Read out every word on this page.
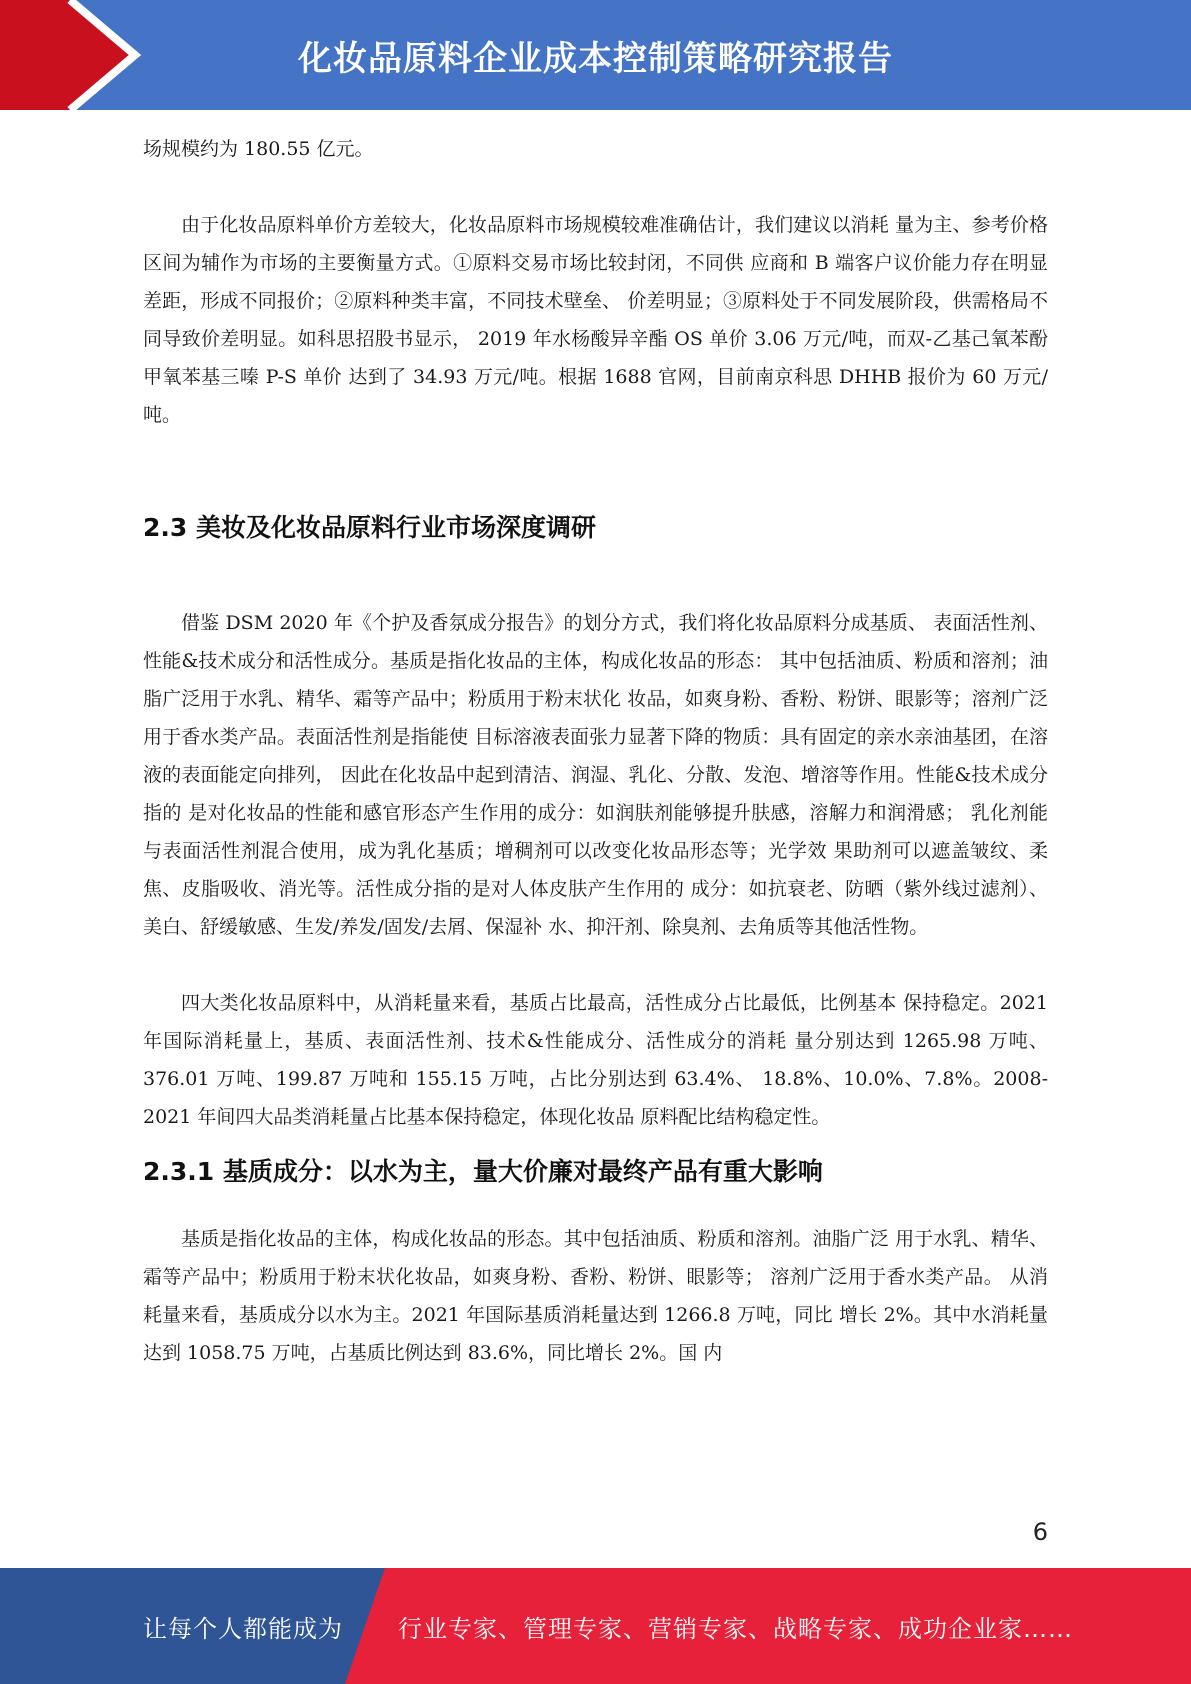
化妆品原料企业成本控制策略研究报告

场规模约为 180.55 亿元。

由于化妆品原料单价方差较大，化妆品原料市场规模较难准确估计，我们建议以消耗 量为主、参考价格区间为辅作为市场的主要衡量方式。①原料交易市场比较封闭，不同供 应商和 B 端客户议价能力存在明显差距，形成不同报价；②原料种类丰富，不同技术壁垒、 价差明显；③原料处于不同发展阶段，供需格局不同导致价差明显。如科思招股书显示， 2019 年水杨酸异辛酯 OS 单价 3.06 万元/吨，而双-乙基己氧苯酚甲氧苯基三嗪 P-S 单价 达到了 34.93 万元/吨。根据 1688 官网，目前南京科思 DHHB 报价为 60 万元/吨。

2.3 美妆及化妆品原料行业市场深度调研

借鉴 DSM 2020 年《个护及香氛成分报告》的划分方式，我们将化妆品原料分成基质、 表面活性剂、性能&技术成分和活性成分。基质是指化妆品的主体，构成化妆品的形态： 其中包括油质、粉质和溶剂；油脂广泛用于水乳、精华、霜等产品中；粉质用于粉末状化 妆品，如爽身粉、香粉、粉饼、眼影等；溶剂广泛用于香水类产品。表面活性剂是指能使 目标溶液表面张力显著下降的物质：具有固定的亲水亲油基团，在溶液的表面能定向排列， 因此在化妆品中起到清洁、润湿、乳化、分散、发泡、增溶等作用。性能&技术成分指的 是对化妆品的性能和感官形态产生作用的成分：如润肤剂能够提升肤感，溶解力和润滑感； 乳化剂能与表面活性剂混合使用，成为乳化基质；增稠剂可以改变化妆品形态等；光学效 果助剂可以遮盖皱纹、柔焦、皮脂吸收、消光等。活性成分指的是对人体皮肤产生作用的 成分：如抗衰老、防晒（紫外线过滤剂）、美白、舒缓敏感、生发/养发/固发/去屑、保湿补 水、抑汗剂、除臭剂、去角质等其他活性物。

四大类化妆品原料中，从消耗量来看，基质占比最高，活性成分占比最低，比例基本 保持稳定。2021 年国际消耗量上，基质、表面活性剂、技术&性能成分、活性成分的消耗 量分别达到 1265.98 万吨、376.01 万吨、199.87 万吨和 155.15 万吨，占比分别达到 63.4%、 18.8%、10.0%、7.8%。2008-2021 年间四大品类消耗量占比基本保持稳定，体现化妆品 原料配比结构稳定性。

2.3.1 基质成分：以水为主，量大价廉对最终产品有重大影响

基质是指化妆品的主体，构成化妆品的形态。其中包括油质、粉质和溶剂。油脂广泛 用于水乳、精华、霜等产品中；粉质用于粉末状化妆品，如爽身粉、香粉、粉饼、眼影等； 溶剂广泛用于香水类产品。 从消耗量来看，基质成分以水为主。2021 年国际基质消耗量达到 1266.8 万吨，同比 增长 2%。其中水消耗量达到 1058.75 万吨，占基质比例达到 83.6%，同比增长 2%。国 内

6
让每个人都能成为 行业专家、管理专家、营销专家、战略专家、成功企业家……
